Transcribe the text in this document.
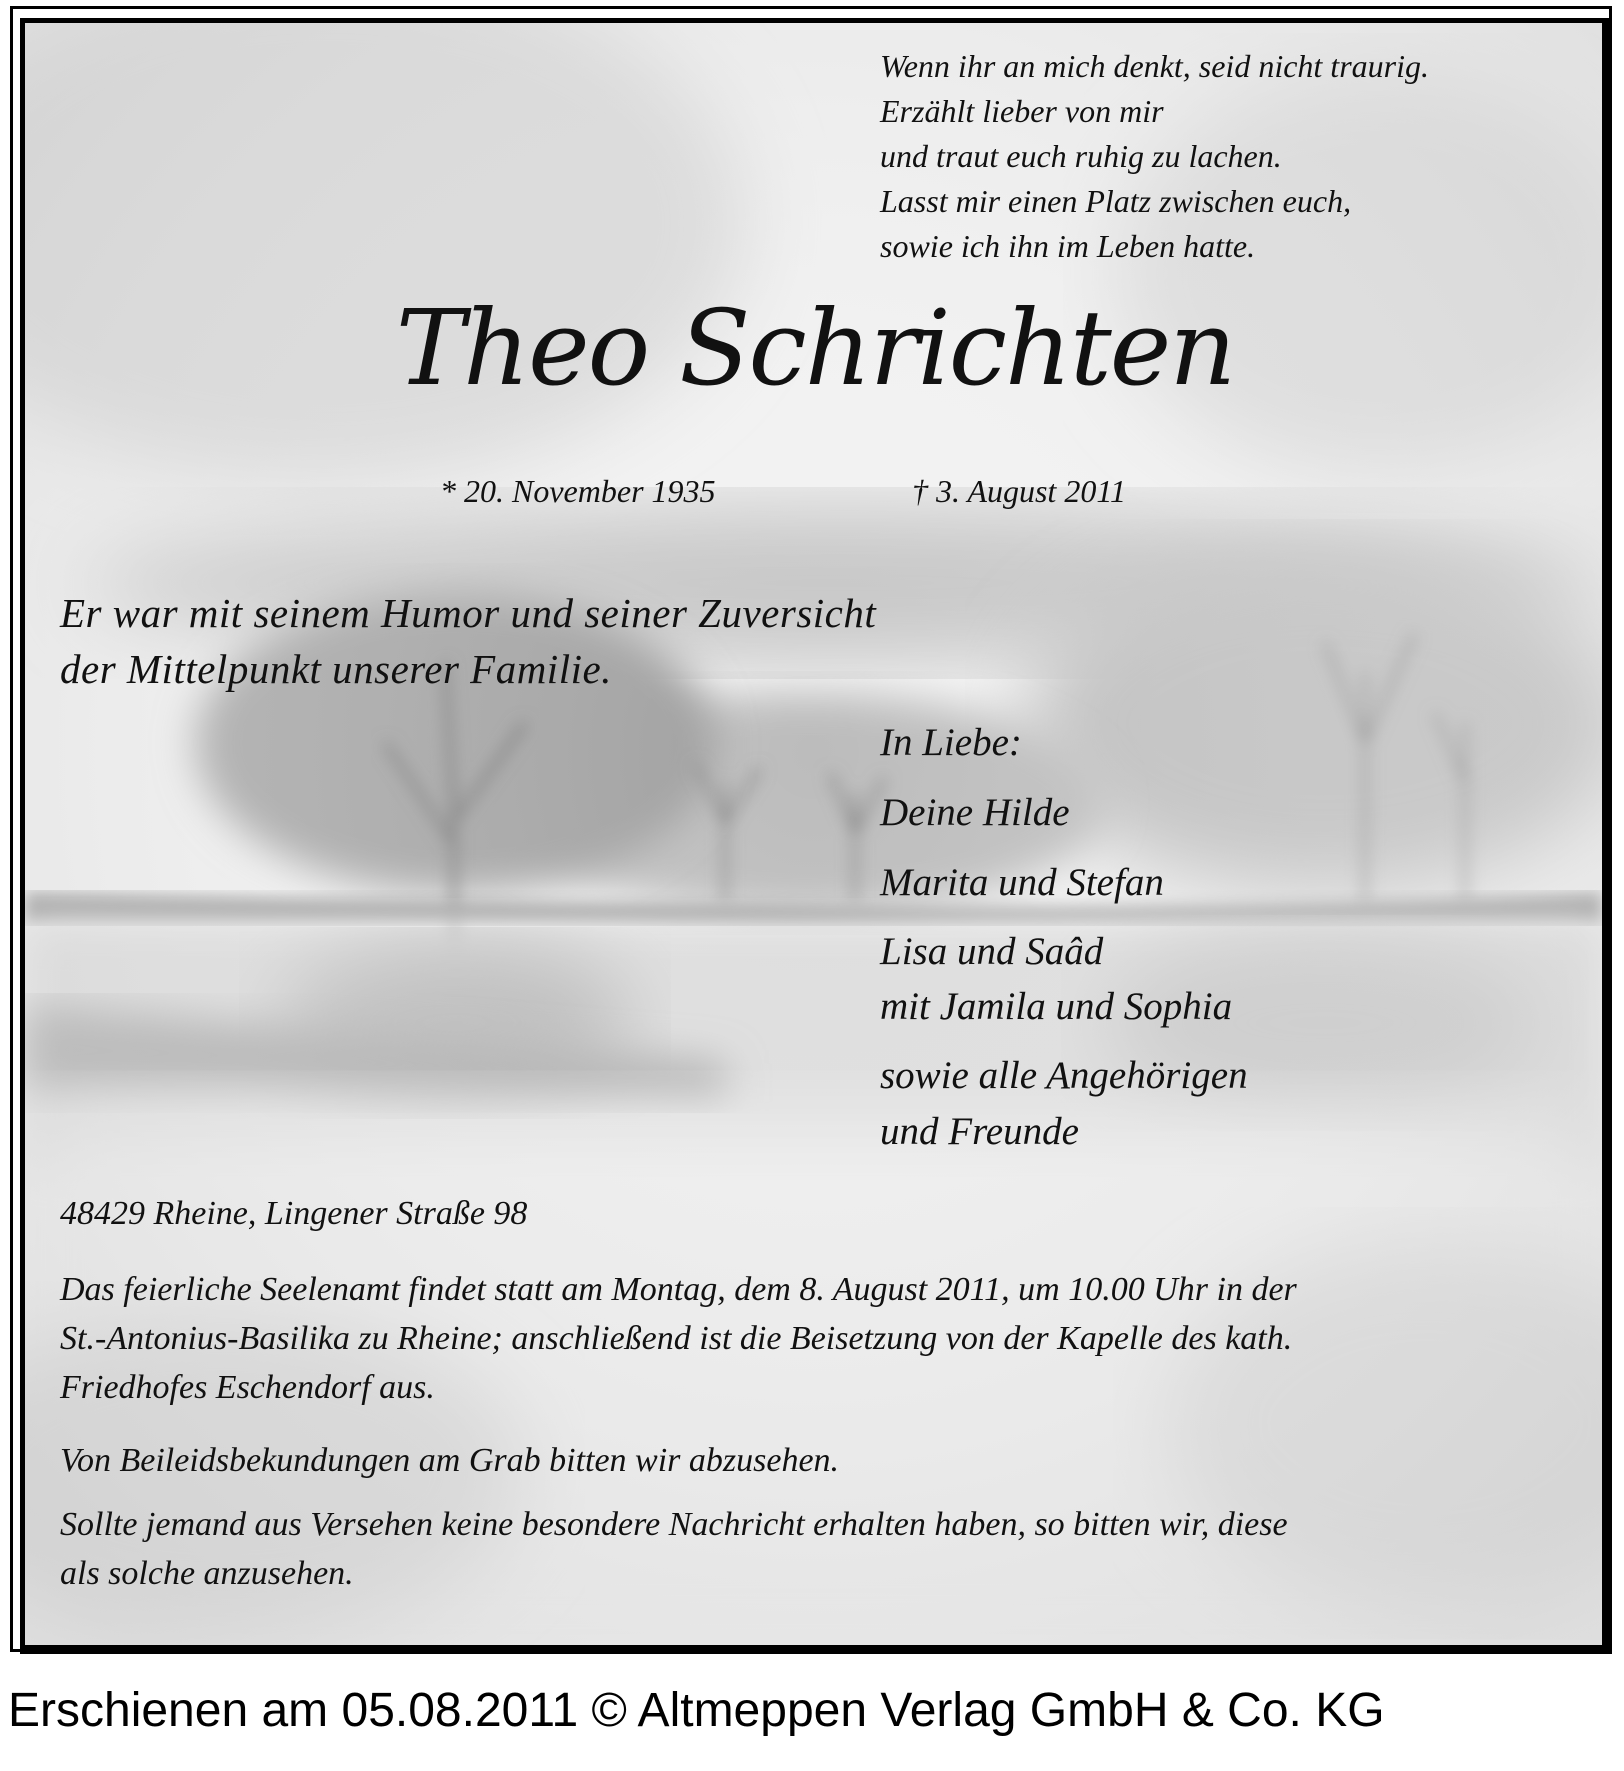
Wenn ihr an mich denkt, seid nicht traurig.
Erzählt lieber von mir
und traut euch ruhig zu lachen.
Lasst mir einen Platz zwischen euch,
sowie ich ihn im Leben hatte.
Theo Schrichten
* 20. November 1935	† 3. August 2011
Er war mit seinem Humor und seiner Zuversicht
der Mittelpunkt unserer Familie.
In Liebe:
Deine Hilde
Marita und Stefan
Lisa und Saâd
mit Jamila und Sophia
sowie alle Angehörigen
und Freunde
48429 Rheine, Lingener Straße 98
Das feierliche Seelenamt findet statt am Montag, dem 8. August 2011, um 10.00 Uhr in der
St.-Antonius-Basilika zu Rheine; anschließend ist die Beisetzung von der Kapelle des kath.
Friedhofes Eschendorf aus.
Von Beileidsbekundungen am Grab bitten wir abzusehen.
Sollte jemand aus Versehen keine besondere Nachricht erhalten haben, so bitten wir, diese
als solche anzusehen.
Erschienen am 05.08.2011 © Altmeppen Verlag GmbH & Co. KG
